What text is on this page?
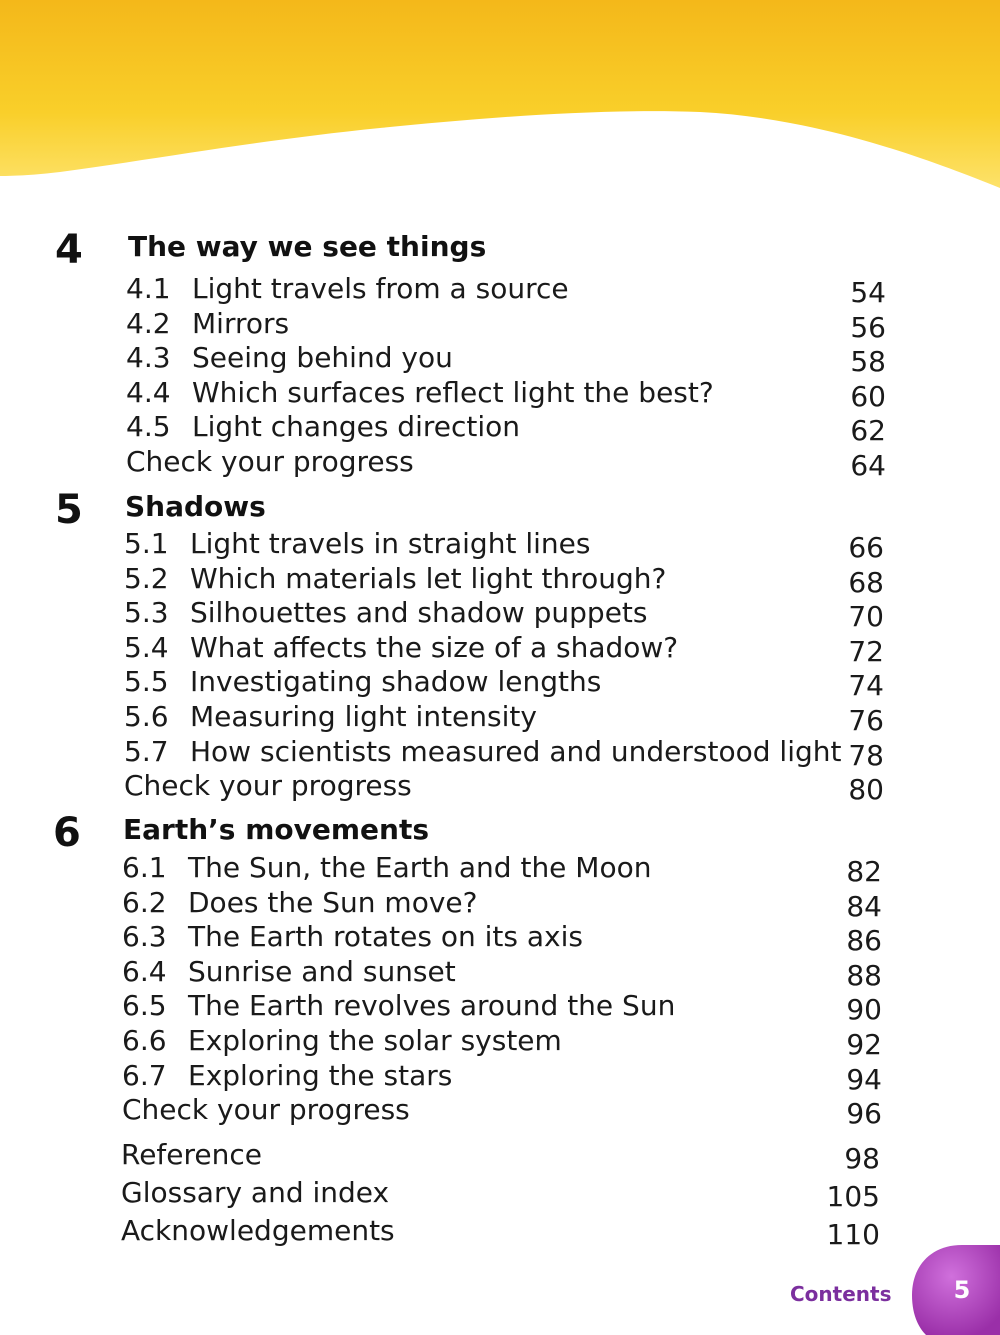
4 The way we see things
4.1 Light travels from a source	54
4.2 Mirrors	56
4.3 Seeing behind you	58
4.4 Which surfaces reflect light the best?	60
4.5 Light changes direction	62
Check your progress	64
5 Shadows
5.1 Light travels in straight lines	66
5.2 Which materials let light through?	68
5.3 Silhouettes and shadow puppets	70
5.4 What affects the size of a shadow?	72
5.5 Investigating shadow lengths	74
5.6 Measuring light intensity	76
5.7 How scientists measured and understood light 78
Check your progress	80
6 Earth’s movements
6.1 The Sun, the Earth and the Moon	82
6.2 Does the Sun move?	84
6.3 The Earth rotates on its axis	86
6.4 Sunrise and sunset	88
6.5 The Earth revolves around the Sun	90
6.6 Exploring the solar system	92
6.7 Exploring the stars	94
Check your progress	96
Reference	98
Glossary and index	105
Acknowledgements	110
Contents	5
